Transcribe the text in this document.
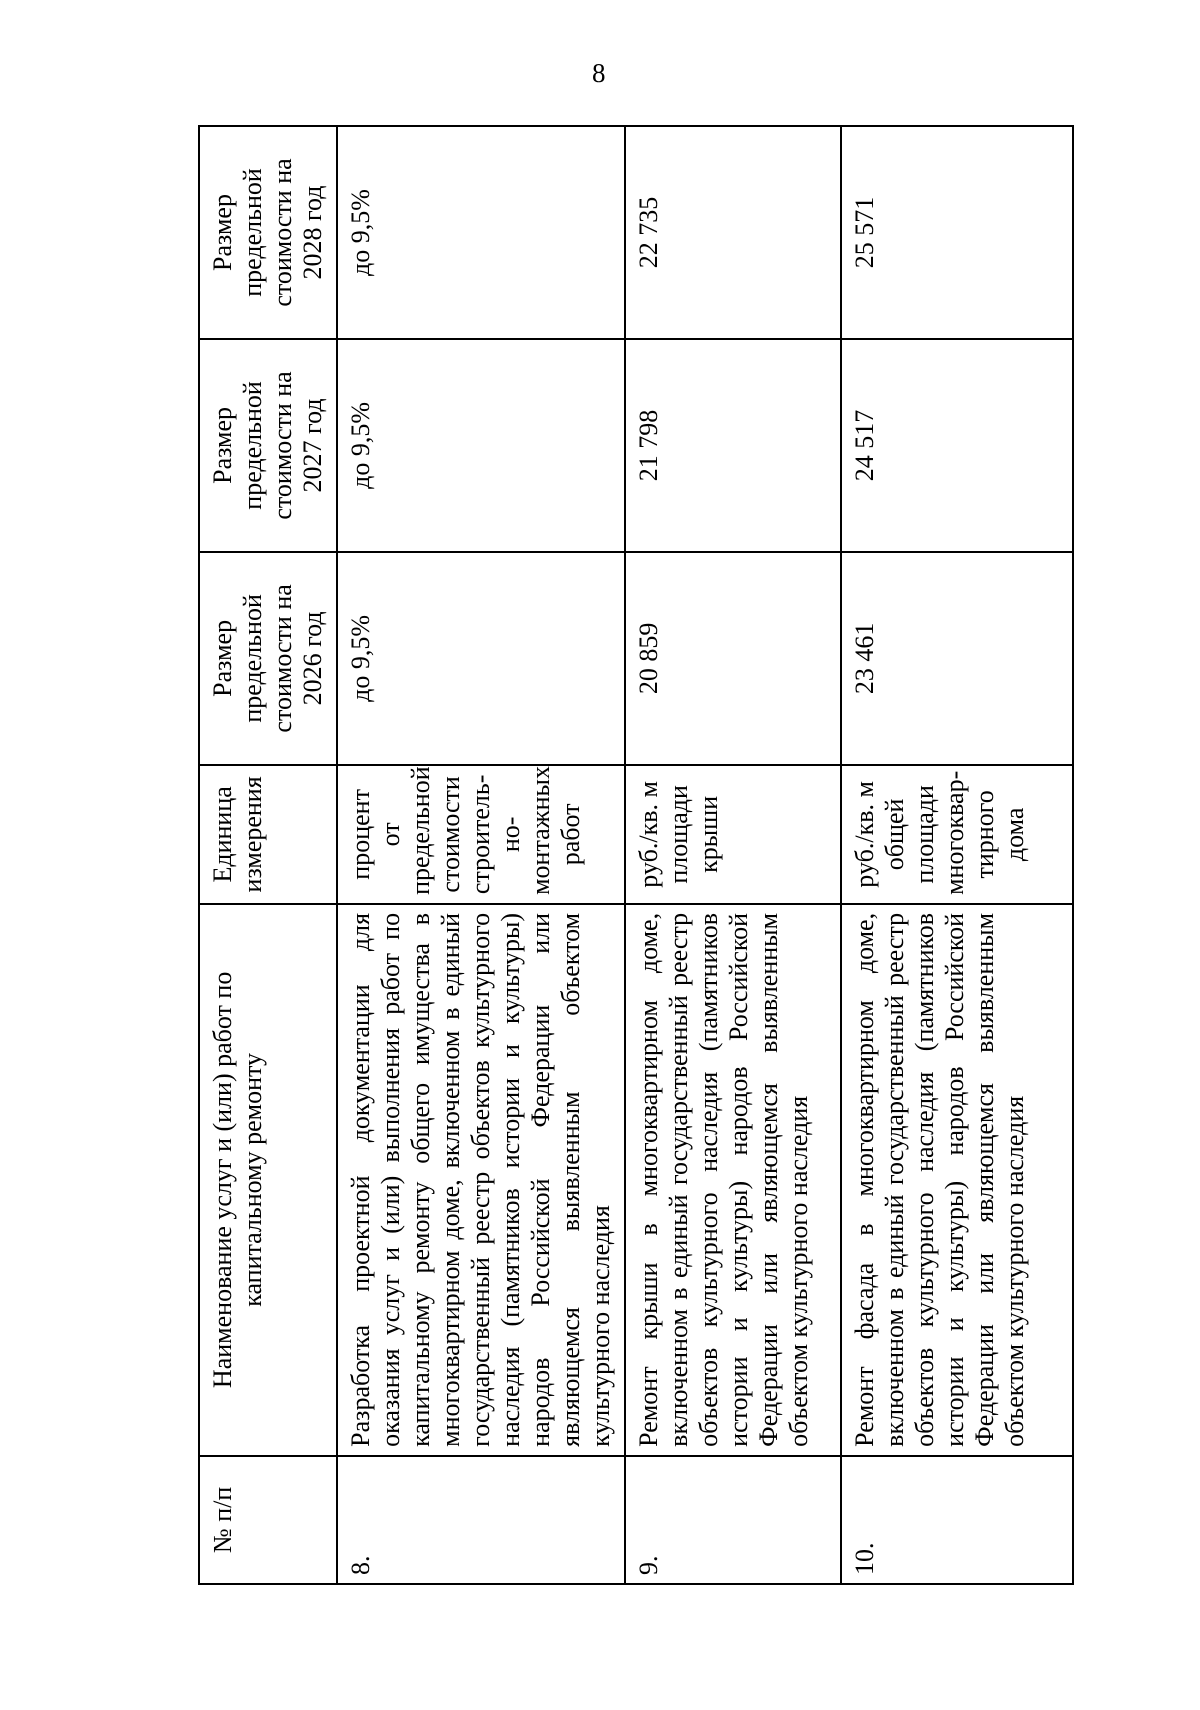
8
№ п/п	Наименование услуг и (или) работ по капитальному ремонту	Единица измерения	Размер предельной стоимости на 2026 год	Размер предельной стоимости на 2027 год	Размер предельной стоимости на 2028 год
8.	Разработка проектной документации для оказания услуг и (или) выполнения работ по капитальному ремонту общего имущества в многоквартирном доме, включенном в единый государственный реестр объектов культурного наследия (памятников истории и культуры) народов Российской Федерации или являющемся выявленным объектом культурного наследия	процент от предельной стоимости строитель-но-монтажных работ	до 9,5%	до 9,5%	до 9,5%
9.	Ремонт крыши в многоквартирном доме, включенном в единый государственный реестр объектов культурного наследия (памятников истории и культуры) народов Российской Федерации или являющемся выявленным объектом культурного наследия	руб./кв. м площади крыши	20 859	21 798	22 735
10.	Ремонт фасада в многоквартирном доме, включенном в единый государственный реестр объектов культурного наследия (памятников истории и культуры) народов Российской Федерации или являющемся выявленным объектом культурного наследия	руб./кв. м общей площади многоквар-тирного дома	23 461	24 517	25 571
